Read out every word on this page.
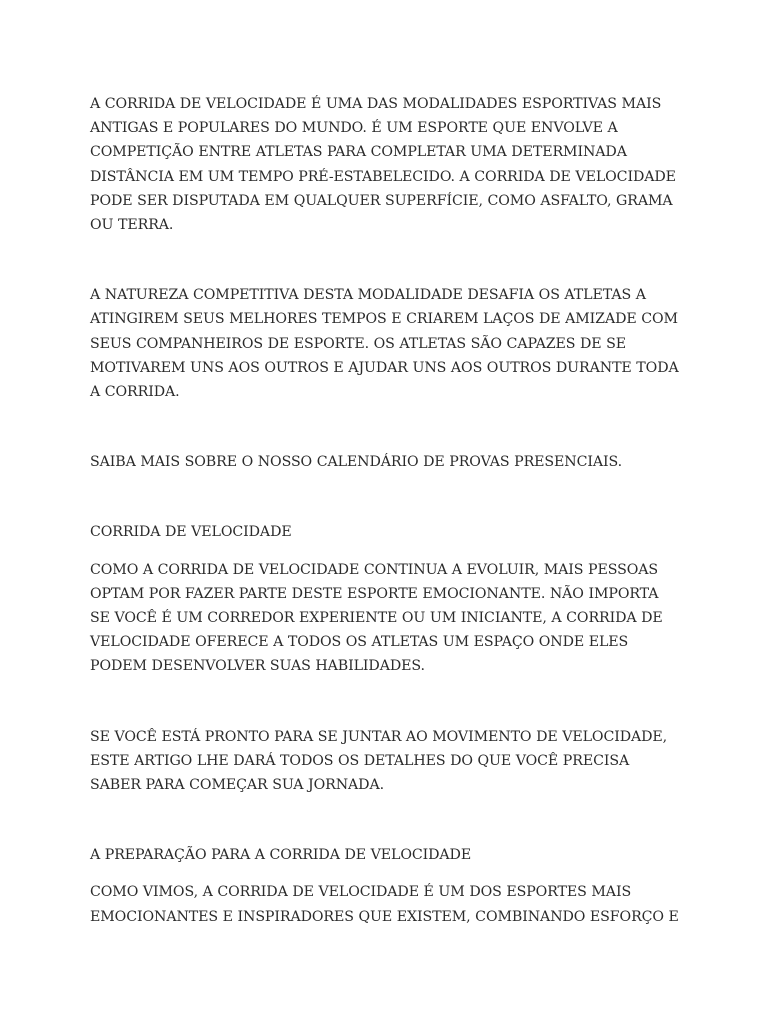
A CORRIDA DE VELOCIDADE É UMA DAS MODALIDADES ESPORTIVAS MAIS ANTIGAS E POPULARES DO MUNDO. É UM ESPORTE QUE ENVOLVE A COMPETIÇÃO ENTRE ATLETAS PARA COMPLETAR UMA DETERMINADA DISTÂNCIA EM UM TEMPO PRÉ-ESTABELECIDO. A CORRIDA DE VELOCIDADE PODE SER DISPUTADA EM QUALQUER SUPERFÍCIE, COMO ASFALTO, GRAMA OU TERRA.

A NATUREZA COMPETITIVA DESTA MODALIDADE DESAFIA OS ATLETAS A ATINGIREM SEUS MELHORES TEMPOS E CRIAREM LAÇOS DE AMIZADE COM SEUS COMPANHEIROS DE ESPORTE. OS ATLETAS SÃO CAPAZES DE SE MOTIVAREM UNS AOS OUTROS E AJUDAR UNS AOS OUTROS DURANTE TODA A CORRIDA.

SAIBA MAIS SOBRE O NOSSO CALENDÁRIO DE PROVAS PRESENCIAIS.

CORRIDA DE VELOCIDADE

COMO A CORRIDA DE VELOCIDADE CONTINUA A EVOLUIR, MAIS PESSOAS OPTAM POR FAZER PARTE DESTE ESPORTE EMOCIONANTE. NÃO IMPORTA SE VOCÊ É UM CORREDOR EXPERIENTE OU UM INICIANTE, A CORRIDA DE VELOCIDADE OFERECE A TODOS OS ATLETAS UM ESPAÇO ONDE ELES PODEM DESENVOLVER SUAS HABILIDADES.

SE VOCÊ ESTÁ PRONTO PARA SE JUNTAR AO MOVIMENTO DE VELOCIDADE, ESTE ARTIGO LHE DARÁ TODOS OS DETALHES DO QUE VOCÊ PRECISA SABER PARA COMEÇAR SUA JORNADA.

A PREPARAÇÃO PARA A CORRIDA DE VELOCIDADE

COMO VIMOS, A CORRIDA DE VELOCIDADE É UM DOS ESPORTES MAIS EMOCIONANTES E INSPIRADORES QUE EXISTEM, COMBINANDO ESFORÇO E
